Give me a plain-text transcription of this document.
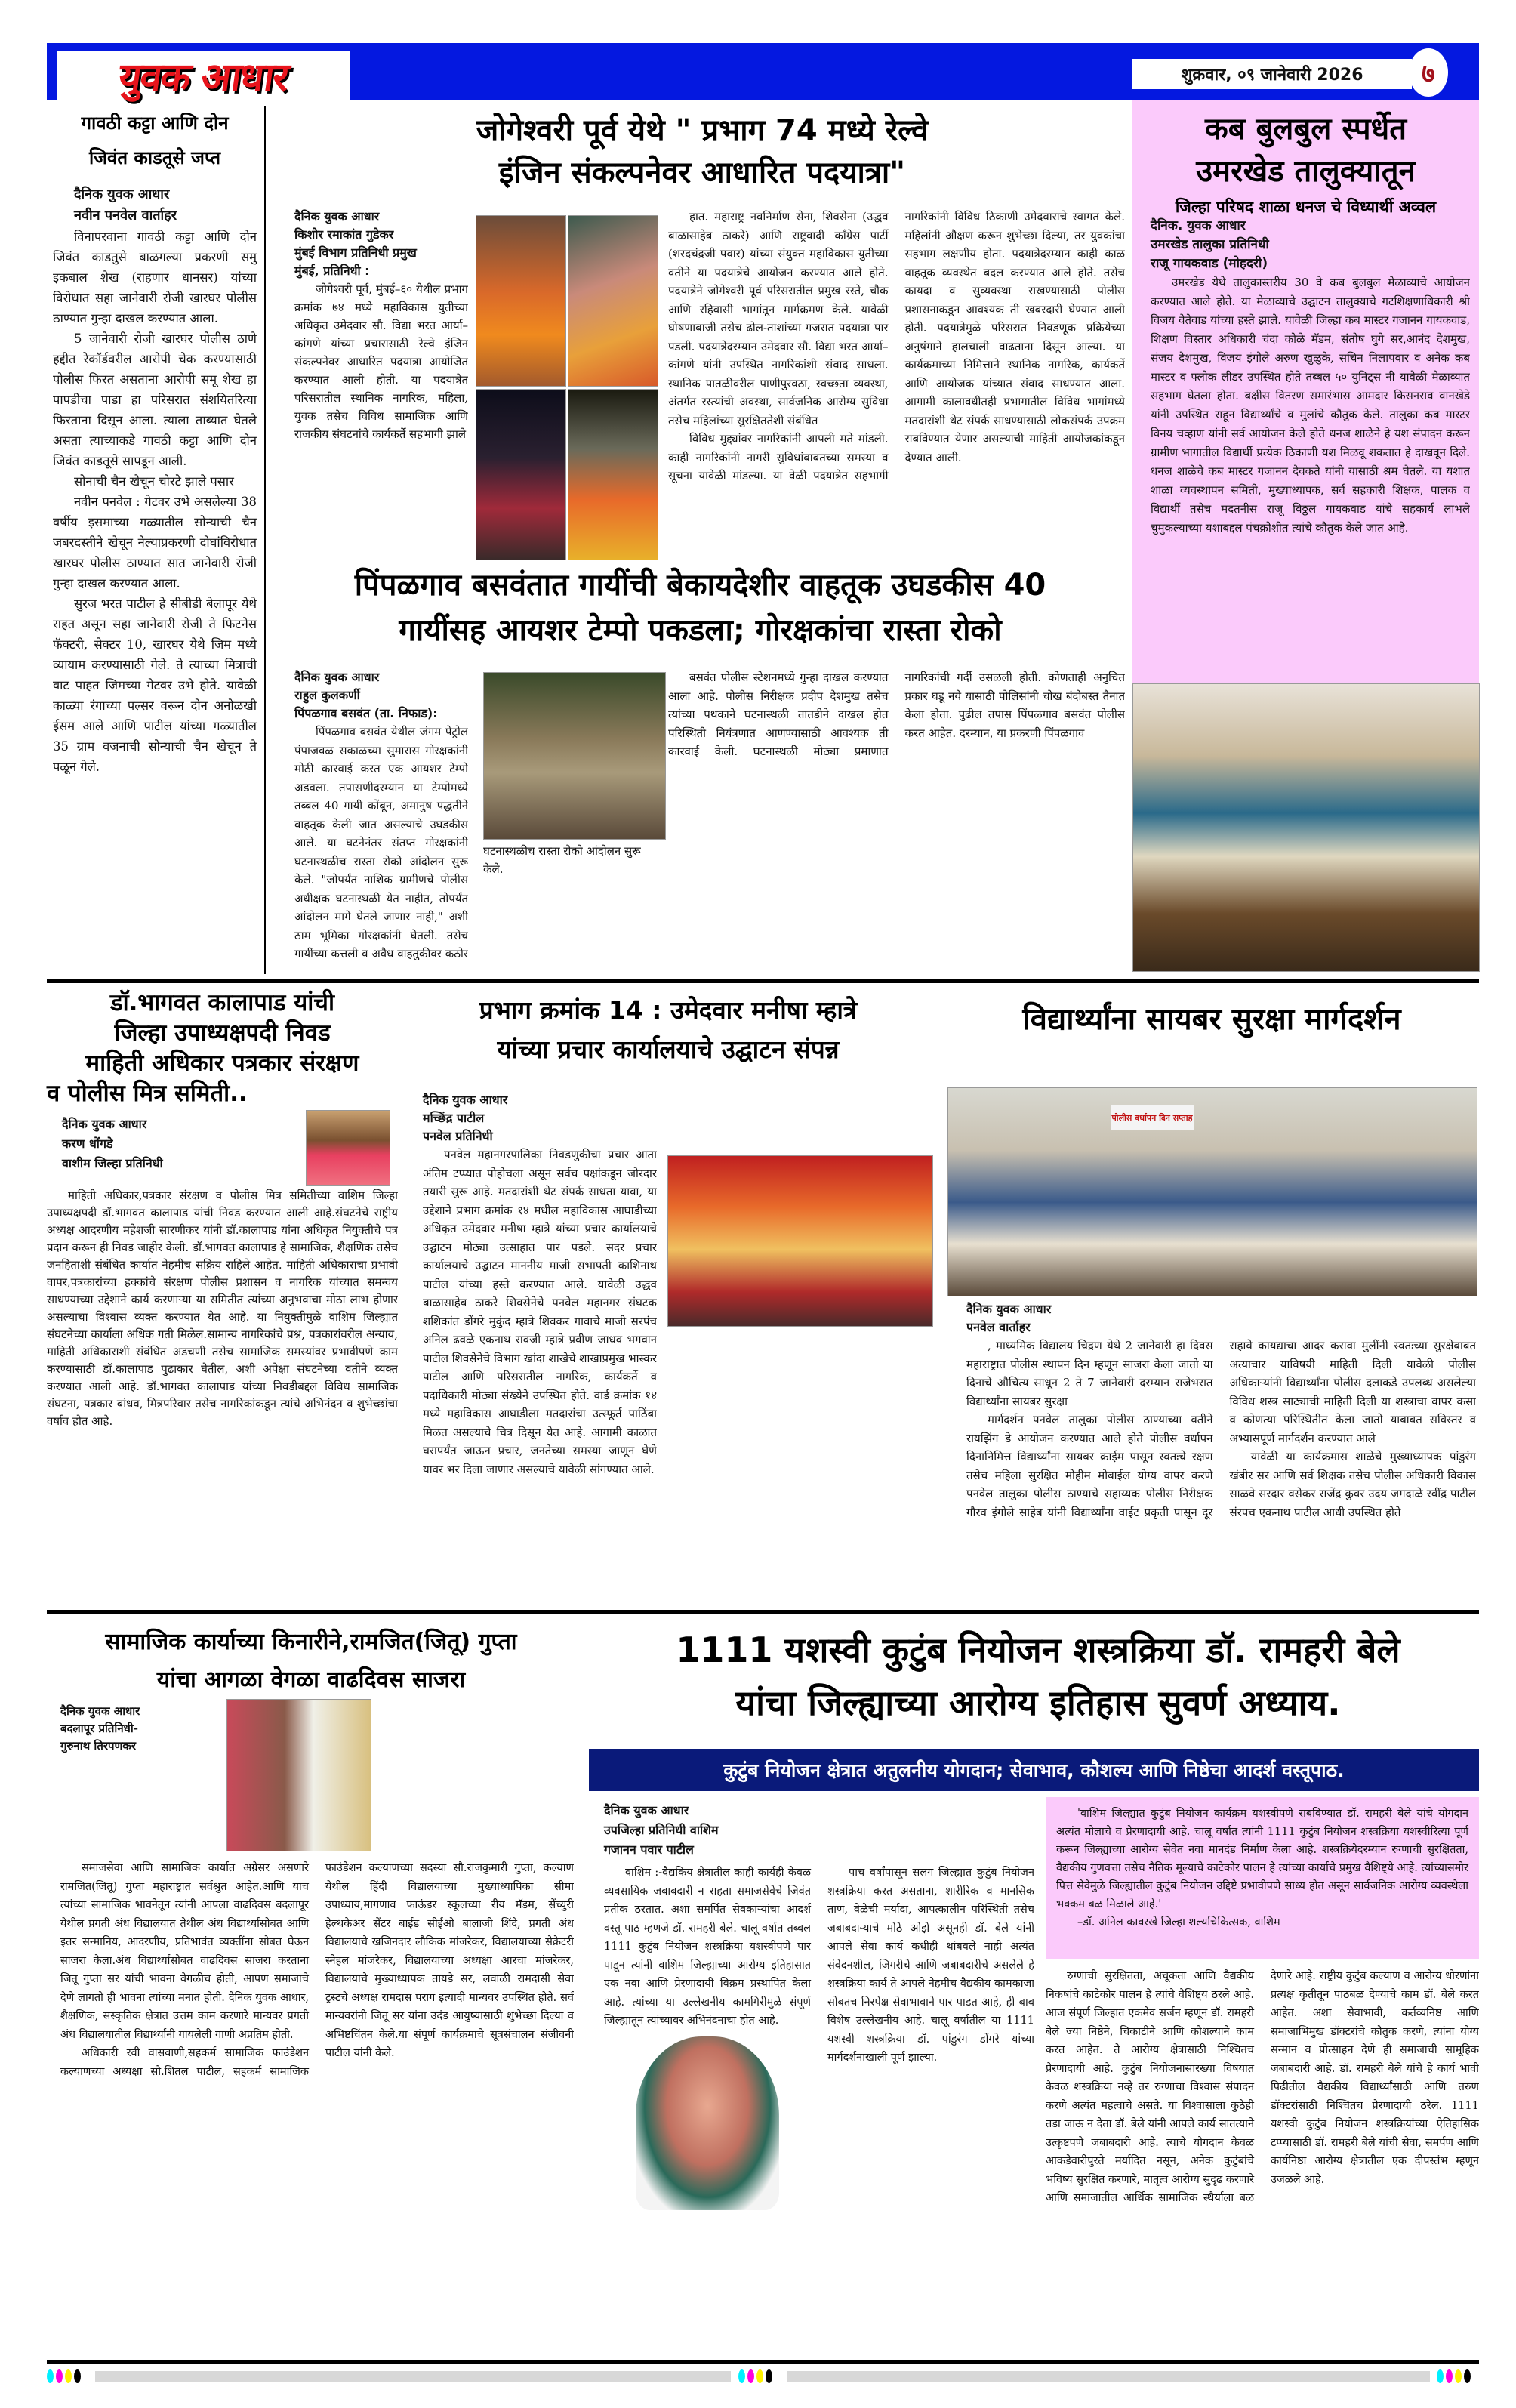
युवक आधार	शुक्रवार, ०९ जानेवारी 2026	७
गावठी कट्टा आणि दोन
जिवंत काडतूसे जप्त
दैनिक युवक आधार
नवीन पनवेल वार्ताहर

विनापरवाना गावठी कट्टा आणि दोन जिवंत काडतुसे बाळगल्या प्रकरणी समु इकबाल शेख (राहणार धानसर) यांच्या विरोधात सहा जानेवारी रोजी खारघर पोलीस ठाण्यात गुन्हा दाखल करण्यात आला.

5 जानेवारी रोजी खारघर पोलीस ठाणे हद्दीत रेकॉर्डवरील आरोपी चेक करण्यासाठी पोलीस फिरत असताना आरोपी समू शेख हा पापडीचा पाडा हा परिसरात संशयितरित्या फिरताना दिसून आला. त्याला ताब्यात घेतले असता त्याच्याकडे गावठी कट्टा आणि दोन जिवंत काडतूसे सापडून आली.

सोनाची चैन खेचून चोरटे झाले पसार

नवीन पनवेल : गेटवर उभे असलेल्या 38 वर्षीय इसमाच्या गळ्यातील सोन्याची चैन जबरदस्तीने खेचून नेल्याप्रकरणी दोघांविरोधात खारघर पोलीस ठाण्यात सात जानेवारी रोजी गुन्हा दाखल करण्यात आला.

सुरज भरत पाटील हे सीबीडी बेलापूर येथे राहत असून सहा जानेवारी रोजी ते फिटनेस फॅक्टरी, सेक्टर 10, खारघर येथे जिम मध्ये व्यायाम करण्यासाठी गेले. ते त्याच्या मित्राची वाट पाहत जिमच्या गेटवर उभे होते. यावेळी काळ्या रंगाच्या पल्सर वरून दोन अनोळखी ईसम आले आणि पाटील यांच्या गळ्यातील 35 ग्राम वजनाची सोन्याची चैन खेचून ते पळून गेले.

जोगेश्वरी पूर्व येथे " प्रभाग 74 मध्ये रेल्वे
इंजिन संकल्पनेवर आधारित पदयात्रा"
दैनिक युवक आधार
किशोर रमाकांत गुडेकर
मुंबई विभाग प्रतिनिधी प्रमुख
मुंबई, प्रतिनिधी :

जोगेश्वरी पूर्व, मुंबई–६० येथील प्रभाग क्रमांक ७४ मध्ये महाविकास युतीच्या अधिकृत उमेदवार सौ. विद्या भरत आर्या–कांगणे यांच्या प्रचारासाठी रेल्वे इंजिन संकल्पनेवर आधारित पदयात्रा आयोजित करण्यात आली होती. या पदयात्रेत परिसरातील स्थानिक नागरिक, महिला, युवक तसेच विविध सामाजिक आणि राजकीय संघटनांचे कार्यकर्ते सहभागी झाले

हात. महाराष्ट्र नवनिर्माण सेना, शिवसेना (उद्धव बाळासाहेब ठाकरे) आणि राष्ट्रवादी काँग्रेस पार्टी (शरदचंद्रजी पवार) यांच्या संयुक्त महाविकास युतीच्या वतीने या पदयात्रेचे आयोजन करण्यात आले होते. पदयात्रेने जोगेश्वरी पूर्व परिसरातील प्रमुख रस्ते, चौक आणि रहिवासी भागांतून मार्गक्रमण केले. यावेळी घोषणाबाजी तसेच ढोल-ताशांच्या गजरात पदयात्रा पार पडली. पदयात्रेदरम्यान उमेदवार सौ. विद्या भरत आर्या–कांगणे यांनी उपस्थित नागरिकांशी संवाद साधला. स्थानिक पातळीवरील पाणीपुरवठा, स्वच्छता व्यवस्था, अंतर्गत रस्त्यांची अवस्था, सार्वजनिक आरोग्य सुविधा तसेच महिलांच्या सुरक्षिततेशी संबंधित

विविध मुद्द्यांवर नागरिकांनी आपली मते मांडली. काही नागरिकांनी नागरी सुविधांबाबतच्या समस्या व सूचना यावेळी मांडल्या. या वेळी पदयात्रेत सहभागी नागरिकांनी विविध ठिकाणी उमेदवाराचे स्वागत केले. महिलांनी औक्षण करून शुभेच्छा दिल्या, तर युवकांचा सहभाग लक्षणीय होता. पदयात्रेदरम्यान काही काळ वाहतूक व्यवस्थेत बदल करण्यात आले होते. तसेच कायदा व सुव्यवस्था राखण्यासाठी पोलीस प्रशासनाकडून आवश्यक ती खबरदारी घेण्यात आली होती. पदयात्रेमुळे परिसरात निवडणूक प्रक्रियेच्या अनुषंगाने हालचाली वाढताना दिसून आल्या. या कार्यक्रमाच्या निमित्ताने स्थानिक नागरिक, कार्यकर्ते आणि आयोजक यांच्यात संवाद साधण्यात आला. आगामी कालावधीतही प्रभागातील विविध भागांमध्ये मतदारांशी थेट संपर्क साधण्यासाठी लोकसंपर्क उपक्रम राबविण्यात येणार असल्याची माहिती आयोजकांकडून देण्यात आली.

कब बुलबुल स्पर्धेत
उमरखेड तालुक्यातून
जिल्हा परिषद शाळा धनज चे विध्यार्थी अव्वल
दैनिक. युवक आधार
उमरखेड तालुका प्रतिनिधी
राजू गायकवाड (मोहदरी)

उमरखेड येथे तालुकास्तरीय 30 वे कब बुलबुल मेळाव्याचे आयोजन करण्यात आले होते. या मेळाव्याचे उद्घाटन तालुक्याचे गटशिक्षणाधिकारी श्री विजय वेतेवाड यांच्या हस्ते झाले. यावेळी जिल्हा कब मास्टर गजानन गायकवाड, शिक्षण विस्तार अधिकारी चंदा कोळे मॅडम, संतोष घुगे सर,आनंद देशमुख, संजय देशमुख, विजय इंगोले अरुण खुळुके, सचिन निलापवार व अनेक कब मास्टर व फ्लोक लीडर उपस्थित होते तब्बल ५० युनिट्स नी यावेळी मेळाव्यात सहभाग घेतला होता. बक्षीस वितरण समारंभास आमदार किसनराव वानखेडे यांनी उपस्थित राहून विद्यार्थ्यांचे व मुलांचे कौतुक केले. तालुका कब मास्टर विनय चव्हाण यांनी सर्व आयोजन केले होते धनज शाळेने हे यश संपादन करून ग्रामीण भागातील विद्यार्थी प्रत्येक ठिकाणी यश मिळवू शकतात हे दाखवून दिले. धनज शाळेचे कब मास्टर गजानन देवकते यांनी यासाठी श्रम घेतले. या यशात शाळा व्यवस्थापन समिती, मुख्याध्यापक, सर्व सहकारी शिक्षक, पालक व विद्यार्थी तसेच मदतनीस राजू विठ्ठल गायकवाड यांचे सहकार्य लाभले चुमुकल्याच्या यशाबद्दल पंचक्रोशीत त्यांचे कौतुक केले जात आहे.

पिंपळगाव बसवंतात गायींची बेकायदेशीर वाहतूक उघडकीस 40
गायींसह आयशर टेम्पो पकडला; गोरक्षकांचा रास्ता रोको
दैनिक युवक आधार
राहुल कुलकर्णी
पिंपळगाव बसवंत (ता. निफाड):

पिंपळगाव बसवंत येथील जंगम पेट्रोल पंपाजवळ सकाळच्या सुमारास गोरक्षकांनी मोठी कारवाई करत एक आयशर टेम्पो अडवला. तपासणीदरम्यान या टेम्पोमध्ये तब्बल 40 गायी कोंबून, अमानुष पद्धतीने वाहतूक केली जात असल्याचे उघडकीस आले. या घटनेनंतर संतप्त गोरक्षकांनी घटनास्थळीच रास्ता रोको आंदोलन सुरू केले. "जोपर्यंत नाशिक ग्रामीणचे पोलीस अधीक्षक घटनास्थळी येत नाहीत, तोपर्यंत आंदोलन मागे घेतले जाणार नाही," अशी ठाम भूमिका गोरक्षकांनी घेतली. तसेच गायींच्या कत्तली व अवैध वाहतुकीवर कठोर

घटनास्थळीच रास्ता रोको आंदोलन सुरू केले.

बसवंत पोलीस स्टेशनमध्ये गुन्हा दाखल करण्यात आला आहे. पोलीस निरीक्षक प्रदीप देशमुख तसेच त्यांच्या पथकाने घटनास्थळी तातडीने दाखल होत परिस्थिती नियंत्रणात आणण्यासाठी आवश्यक ती कारवाई केली. घटनास्थळी मोठ्या प्रमाणात नागरिकांची गर्दी उसळली होती. कोणताही अनुचित प्रकार घडू नये यासाठी पोलिसांनी चोख बंदोबस्त तैनात केला होता. पुढील तपास पिंपळगाव बसवंत पोलीस करत आहेत. दरम्यान, या प्रकरणी पिंपळगाव

डॉ.भागवत कालापाड यांची
जिल्हा उपाध्यक्षपदी निवड
माहिती अधिकार पत्रकार संरक्षण
व पोलीस मित्र समिती..
दैनिक युवक आधार
करण धोंगडे
वाशीम जिल्हा प्रतिनिधी

माहिती अधिकार,पत्रकार संरक्षण व पोलीस मित्र समितीच्या वाशिम जिल्हा उपाध्यक्षपदी डॉ.भागवत कालापाड यांची निवड करण्यात आली आहे.संघटनेचे राष्ट्रीय अध्यक्ष आदरणीय महेशजी सारणीकर यांनी डॉ.कालापाड यांना अधिकृत नियुक्तीचे पत्र प्रदान करून ही निवड जाहीर केली. डॉ.भागवत कालापाड हे सामाजिक, शैक्षणिक तसेच जनहिताशी संबंधित कार्यात नेहमीच सक्रिय राहिले आहेत. माहिती अधिकाराचा प्रभावी वापर,पत्रकारांच्या हक्कांचे संरक्षण पोलीस प्रशासन व नागरिक यांच्यात समन्वय साधण्याच्या उद्देशाने कार्य करणाऱ्या या समितीत त्यांच्या अनुभवाचा मोठा लाभ होणार असल्याचा विश्वास व्यक्त करण्यात येत आहे. या नियुक्तीमुळे वाशिम जिल्ह्यात संघटनेच्या कार्याला अधिक गती मिळेल.सामान्य नागरिकांचे प्रश्न, पत्रकारांवरील अन्याय, माहिती अधिकाराशी संबंधित अडचणी तसेच सामाजिक समस्यांवर प्रभावीपणे काम करण्यासाठी डॉ.कालापाड पुढाकार घेतील, अशी अपेक्षा संघटनेच्या वतीने व्यक्त करण्यात आली आहे. डॉ.भागवत कालापाड यांच्या निवडीबद्दल विविध सामाजिक संघटना, पत्रकार बांधव, मित्रपरिवार तसेच नागरिकांकडून त्यांचे अभिनंदन व शुभेच्छांचा वर्षाव होत आहे.

प्रभाग क्रमांक 14 : उमेदवार मनीषा म्हात्रे
यांच्या प्रचार कार्यालयाचे उद्घाटन संपन्न
दैनिक युवक आधार
मच्छिंद्र पाटील
पनवेल प्रतिनिधी

पनवेल महानगरपालिका निवडणुकीचा प्रचार आता अंतिम टप्प्यात पोहोचला असून सर्वच पक्षांकडून जोरदार तयारी सुरू आहे. मतदारांशी थेट संपर्क साधता यावा, या उद्देशाने प्रभाग क्रमांक १४ मधील महाविकास आघाडीच्या अधिकृत उमेदवार मनीषा म्हात्रे यांच्या प्रचार कार्यालयाचे उद्घाटन मोठ्या उत्साहात पार पडले. सदर प्रचार कार्यालयाचे उद्घाटन माननीय माजी सभापती काशिनाथ पाटील यांच्या हस्ते करण्यात आले. यावेळी उद्धव बाळासाहेब ठाकरे शिवसेनेचे पनवेल महानगर संघटक शशिकांत डोंगरे मुकुंद म्हात्रे शिवकर गावाचे माजी सरपंच अनिल ढवळे एकनाथ रावजी म्हात्रे प्रवीण जाधव भगवान पाटील शिवसेनेचे विभाग खांदा शाखेचे शाखाप्रमुख भास्कर पाटील आणि परिसरातील नागरिक, कार्यकर्ते व पदाधिकारी मोठ्या संख्येने उपस्थित होते. वार्ड क्रमांक १४ मध्ये महाविकास आघाडीला मतदारांचा उत्स्फूर्त पाठिंबा मिळत असल्याचे चित्र दिसून येत आहे. आगामी काळात घरापर्यंत जाऊन प्रचार, जनतेच्या समस्या जाणून घेणे यावर भर दिला जाणार असल्याचे यावेळी सांगण्यात आले.

विद्यार्थ्यांना सायबर सुरक्षा मार्गदर्शन
पोलीस वर्धापन दिन सप्ताह
दैनिक युवक आधार
पनवेल वार्ताहर

, माध्यमिक विद्यालय चिद्रण येथे 2 जानेवारी हा दिवस महाराष्ट्रात पोलीस स्थापन दिन म्हणून साजरा केला जातो या दिनाचे औचित्य साधून 2 ते 7 जानेवारी दरम्यान राजेभरात विद्यार्थ्यांना सायबर सुरक्षा

मार्गदर्शन पनवेल तालुका पोलीस ठाण्याच्या वतीने रायझिंग डे आयोजन करण्यात आले होते पोलीस वर्धापन दिनानिमित्त विद्यार्थ्यांना सायबर क्राईम पासून स्वतःचे रक्षण तसेच महिला सुरक्षित मोहीम मोबाईल योग्य वापर करणे पनवेल तालुका पोलीस ठाण्याचे सहाय्यक पोलीस निरीक्षक गौरव इंगोले साहेब यांनी विद्यार्थ्यांना वाईट प्रकृती पासून दूर राहावे कायद्याचा आदर करावा मुलींनी स्वतःच्या सुरक्षेबाबत अत्याचार याविषयी माहिती दिली यावेळी पोलीस अधिकाऱ्यांनी विद्यार्थ्यांना पोलीस दलाकडे उपलब्ध असलेल्या विविध शस्त्र साठ्याची माहिती दिली या शस्त्राचा वापर कसा व कोणत्या परिस्थितीत केला जातो याबाबत सविस्तर व अभ्यासपूर्ण मार्गदर्शन करण्यात आले

यावेळी या कार्यक्रमास शाळेचे मुख्याध्यापक पांडुरंग खंबीर सर आणि सर्व शिक्षक तसेच पोलीस अधिकारी विकास साळवे सरदार वसेकर राजेंद्र कुवर उदय जगदाळे रवींद्र पाटील संरपच एकनाथ पाटील आधी उपस्थित होते

सामाजिक कार्याच्या किनारीने,रामजित(जितू) गुप्ता
यांचा आगळा वेगळा वाढदिवस साजरा
दैनिक युवक आधार
बदलापूर प्रतिनिधी-
गुरुनाथ तिरपणकर

समाजसेवा आणि सामाजिक कार्यात अग्रेसर असणारे रामजित(जितू) गुप्ता महाराष्ट्रात सर्वश्रुत आहेत.आणि याच त्यांच्या सामाजिक भावनेतून त्यांनी आपला वाढदिवस बदलापूर येथील प्रगती अंध विद्यालयात तेथील अंध विद्यार्थ्यांसोबत आणि इतर सन्मानिय, आदरणीय, प्रतिभावंत व्यक्तींना सोबत घेऊन साजरा केला.अंध विद्यार्थ्यांसोबत वाढदिवस साजरा करताना जितू गुप्ता सर यांची भावना वेगळीच होती, आपण समाजाचे देणे लागतो ही भावना त्यांच्या मनात होती. दैनिक युवक आधार, शैक्षणिक, सस्कृतिक क्षेत्रात उत्तम काम करणारे मान्यवर प्रगती अंध विद्यालयातील विद्यार्थ्यांनी गायलेली गाणी अप्रतिम होती.

अधिकारी रवी वासवाणी,सहकर्म सामाजिक फाउंडेशन कल्याणच्या अध्यक्षा सौ.शितल पाटील, सहकर्म सामाजिक फाउंडेशन कल्याणच्या सदस्या सौ.राजकुमारी गुप्ता, कल्याण येथील हिंदी विद्यालयाच्या मुख्याध्यापिका सीमा उपाध्याय,मागणाव फाऊंडर स्कूलच्या रीय मॅडम, सेंच्युरी हेल्थकेअर सेंटर बाईड सीईओ बालाजी शिंदे, प्रगती अंध विद्यालयाचे खजिनदार लौकिक मांजरेकर, विद्यालयाच्या सेक्रेटरी स्नेहल मांजरेकर, विद्यालयाच्या अध्यक्षा आरचा मांजरेकर, विद्यालयाचे मुख्याध्यापक तायडे सर, लवाळी रामदासी सेवा ट्रस्टचे अध्यक्ष रामदास पराग इत्यादी मान्यवर उपस्थित होते. सर्व मान्यवरांनी जितू सर यांना उदंड आयुष्यासाठी शुभेच्छा दिल्या व अभिष्टचिंतन केले.या संपूर्ण कार्यक्रमाचे सूत्रसंचालन संजीवनी पाटील यांनी केले.

1111 यशस्वी कुटुंब नियोजन शस्त्रक्रिया डॉ. रामहरी बेले
यांचा जिल्ह्याच्या आरोग्य इतिहास सुवर्ण अध्याय.
कुटुंब नियोजन क्षेत्रात अतुलनीय योगदान; सेवाभाव, कौशल्य आणि निष्ठेचा आदर्श वस्तूपाठ.
दैनिक युवक आधार
उपजिल्हा प्रतिनिधी वाशिम
गजानन पवार पाटील

वाशिम :-वैद्यकिय क्षेत्रातील काही कार्यही केवळ व्यवसायिक जबाबदारी न राहता समाजसेवेचे जिवंत प्रतीक ठरतात. अशा समर्पित सेवकाऱ्यांचा आदर्श वस्तू पाठ म्हणजे डॉ. रामहरी बेले. चालू वर्षात तब्बल 1111 कुटुंब नियोजन शस्त्रक्रिया यशस्वीपणे पार पाडून त्यांनी वाशिम जिल्ह्याच्या आरोग्य इतिहासात एक नवा आणि प्रेरणादायी विक्रम प्रस्थापित केला आहे. त्यांच्या या उल्लेखनीय कामगिरीमुळे संपूर्ण जिल्ह्यातून त्यांच्यावर अभिनंदनाचा होत आहे.

पाच वर्षांपासून सलग जिल्ह्यात कुटुंब नियोजन शस्त्रक्रिया करत असताना, शारीरिक व मानसिक ताण, वेळेची मर्यादा, आपत्कालीन परिस्थिती तसेच जबाबदाऱ्याचे मोठे ओझे असूनही डॉ. बेले यांनी आपले सेवा कार्य कधीही थांबवले नाही अत्यंत संवेदनशील, जिगरीचे आणि जबाबदारीचे असलेले हे शस्त्रक्रिया कार्य ते आपले नेहमीच वैद्यकीय कामकाजा सोबतच निरपेक्ष सेवाभावाने पार पाडत आहे, ही बाब विशेष उल्लेखनीय आहे. चालू वर्षातील या 1111 यशस्वी शस्त्रक्रिया डॉ. पांडुरंग डोंगरे यांच्या मार्गदर्शनाखाली पूर्ण झाल्या.

'वाशिम जिल्ह्यात कुटुंब नियोजन कार्यक्रम यशस्वीपणे राबविण्यात डॉ. रामहरी बेले यांचे योगदान अत्यंत मोलाचे व प्रेरणादायी आहे. चालू वर्षात त्यांनी 1111 कुटुंब नियोजन शस्त्रक्रिया यशस्वीरित्या पूर्ण करून जिल्ह्याच्या आरोग्य सेवेत नवा मानदंड निर्माण केला आहे. शस्त्रक्रियेदरम्यान रुग्णाची सुरक्षितता, वैद्यकीय गुणवत्ता तसेच नैतिक मूल्याचे काटेकोर पालन हे त्यांच्या कार्याचे प्रमुख वैशिष्ट्ये आहे. त्यांच्यासमोर पित्त सेवेमुळे जिल्ह्यातील कुटुंब नियोजन उद्दिष्टे प्रभावीपणे साध्य होत असून सार्वजनिक आरोग्य व्यवस्थेला भक्कम बळ मिळाले आहे.'
–डॉ. अनिल कावरखे जिल्हा शल्यचिकित्सक, वाशिम

रुग्णाची सुरक्षितता, अचूकता आणि वैद्यकीय निकषांचे काटेकोर पालन हे त्यांचे वैशिष्ट्य ठरले आहे. आज संपूर्ण जिल्हात एकमेव सर्जन म्हणून डॉ. रामहरी बेले ज्या निष्ठेने, चिकाटीने आणि कौशल्याने काम करत आहेत. ते आरोग्य क्षेत्रासाठी निश्चितच प्रेरणादायी आहे. कुटुंब नियोजनासारख्या विषयात केवळ शस्त्रक्रिया नव्हे तर रुग्णाचा विश्वास संपादन करणे अत्यंत महत्वाचे असते. या विश्वासाला कुठेही तडा जाऊ न देता डॉ. बेले यांनी आपले कार्य सातत्याने उत्कृष्टपणे जबाबदारी आहे. त्याचे योगदान केवळ आकडेवारीपुरते मर्यादित नसून, अनेक कुटुंबांचे भविष्य सुरक्षित करणारे, मातृत्व आरोग्य सुदृढ करणारे आणि समाजातील आर्थिक सामाजिक स्थैर्याला बळ देणारे आहे. राष्ट्रीय कुटुंब कल्याण व आरोग्य धोरणांना प्रत्यक्ष कृतीतून पाठबळ देण्याचे काम डॉ. बेले करत आहेत. अशा सेवाभावी, कर्तव्यनिष्ठ आणि समाजाभिमुख डॉक्टरांचे कौतुक करणे, त्यांना योग्य सन्मान व प्रोत्साहन देणे ही समाजाची सामूहिक जबाबदारी आहे. डॉ. रामहरी बेले यांचे हे कार्य भावी पिढीतील वैद्यकीय विद्यार्थ्यांसाठी आणि तरुण डॉक्टरांसाठी निश्चितच प्रेरणादायी ठरेल. 1111 यशस्वी कुटुंब नियोजन शस्त्रक्रियांच्या ऐतिहासिक टप्प्यासाठी डॉ. रामहरी बेले यांची सेवा, समर्पण आणि कार्यनिष्ठा आरोग्य क्षेत्रातील एक दीपस्तंभ म्हणून उजळले आहे.
